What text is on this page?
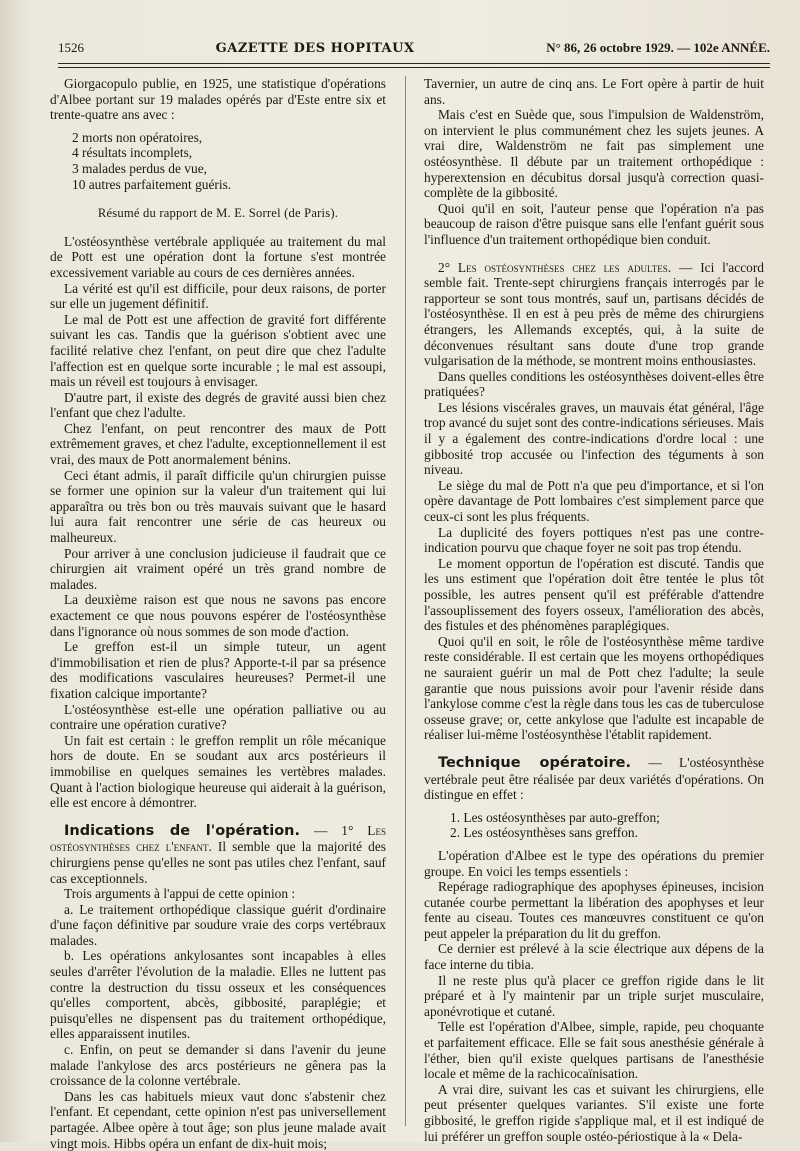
1526	GAZETTE DES HOPITAUX	N° 86, 26 octobre 1929. — 102e ANNÉE.

Giorgacopulo publie, en 1925, une statistique d'opérations d'Albee portant sur 19 malades opérés par d'Este entre six et trente-quatre ans avec :

2 morts non opératoires,

4 résultats incomplets,

3 malades perdus de vue,

10 autres parfaitement guéris.

Résumé du rapport de M. E. Sorrel (de Paris).

L'ostéosynthèse vertébrale appliquée au traitement du mal de Pott est une opération dont la fortune s'est montrée excessivement variable au cours de ces dernières années.

La vérité est qu'il est difficile, pour deux raisons, de porter sur elle un jugement définitif.

Le mal de Pott est une affection de gravité fort différente suivant les cas. Tandis que la guérison s'obtient avec une facilité relative chez l'enfant, on peut dire que chez l'adulte l'affection est en quelque sorte incurable ; le mal est assoupi, mais un réveil est toujours à envisager.

D'autre part, il existe des degrés de gravité aussi bien chez l'enfant que chez l'adulte.

Chez l'enfant, on peut rencontrer des maux de Pott extrêmement graves, et chez l'adulte, exceptionnellement il est vrai, des maux de Pott anormalement bénins.

Ceci étant admis, il paraît difficile qu'un chirurgien puisse se former une opinion sur la valeur d'un traitement qui lui apparaîtra ou très bon ou très mauvais suivant que le hasard lui aura fait rencontrer une série de cas heureux ou malheureux.

Pour arriver à une conclusion judicieuse il faudrait que ce chirurgien ait vraiment opéré un très grand nombre de malades.

La deuxième raison est que nous ne savons pas encore exactement ce que nous pouvons espérer de l'ostéosynthèse dans l'ignorance où nous sommes de son mode d'action.

Le greffon est-il un simple tuteur, un agent d'immobilisation et rien de plus? Apporte-t-il par sa présence des modifications vasculaires heureuses? Permet-il une fixation calcique importante?

L'ostéosynthèse est-elle une opération palliative ou au contraire une opération curative?

Un fait est certain : le greffon remplit un rôle mécanique hors de doute. En se soudant aux arcs postérieurs il immobilise en quelques semaines les vertèbres malades. Quant à l'action biologique heureuse qui aiderait à la guérison, elle est encore à démontrer.

Indications de l'opération. — 1° Les ostéosynthèses chez l'enfant. Il semble que la majorité des chirurgiens pense qu'elles ne sont pas utiles chez l'enfant, sauf cas exceptionnels.

Trois arguments à l'appui de cette opinion :

a. Le traitement orthopédique classique guérit d'ordinaire d'une façon définitive par soudure vraie des corps vertébraux malades.

b. Les opérations ankylosantes sont incapables à elles seules d'arrêter l'évolution de la maladie. Elles ne luttent pas contre la destruction du tissu osseux et les conséquences qu'elles comportent, abcès, gibbosité, paraplégie; et puisqu'elles ne dispensent pas du traitement orthopédique, elles apparaissent inutiles.

c. Enfin, on peut se demander si dans l'avenir du jeune malade l'ankylose des arcs postérieurs ne gênera pas la croissance de la colonne vertébrale.

Dans les cas habituels mieux vaut donc s'abstenir chez l'enfant. Et cependant, cette opinion n'est pas universellement partagée. Albee opère à tout âge; son plus jeune malade avait vingt mois. Hibbs opéra un enfant de dix-huit mois;

Tavernier, un autre de cinq ans. Le Fort opère à partir de huit ans.

Mais c'est en Suède que, sous l'impulsion de Waldenström, on intervient le plus communément chez les sujets jeunes. A vrai dire, Waldenström ne fait pas simplement une ostéosynthèse. Il débute par un traitement orthopédique : hyperextension en décubitus dorsal jusqu'à correction quasi-complète de la gibbosité.

Quoi qu'il en soit, l'auteur pense que l'opération n'a pas beaucoup de raison d'être puisque sans elle l'enfant guérit sous l'influence d'un traitement orthopédique bien conduit.

2° Les ostéosynthèses chez les adultes. — Ici l'accord semble fait. Trente-sept chirurgiens français interrogés par le rapporteur se sont tous montrés, sauf un, partisans décidés de l'ostéosynthèse. Il en est à peu près de même des chirurgiens étrangers, les Allemands exceptés, qui, à la suite de déconvenues résultant sans doute d'une trop grande vulgarisation de la méthode, se montrent moins enthousiastes.

Dans quelles conditions les ostéosynthèses doivent-elles être pratiquées?

Les lésions viscérales graves, un mauvais état général, l'âge trop avancé du sujet sont des contre-indications sérieuses. Mais il y a également des contre-indications d'ordre local : une gibbosité trop accusée ou l'infection des téguments à son niveau.

Le siège du mal de Pott n'a que peu d'importance, et si l'on opère davantage de Pott lombaires c'est simplement parce que ceux-ci sont les plus fréquents.

La duplicité des foyers pottiques n'est pas une contre-indication pourvu que chaque foyer ne soit pas trop étendu.

Le moment opportun de l'opération est discuté. Tandis que les uns estiment que l'opération doit être tentée le plus tôt possible, les autres pensent qu'il est préférable d'attendre l'assouplissement des foyers osseux, l'amélioration des abcès, des fistules et des phénomènes paraplégiques.

Quoi qu'il en soit, le rôle de l'ostéosynthèse même tardive reste considérable. Il est certain que les moyens orthopédiques ne sauraient guérir un mal de Pott chez l'adulte; la seule garantie que nous puissions avoir pour l'avenir réside dans l'ankylose comme c'est la règle dans tous les cas de tuberculose osseuse grave; or, cette ankylose que l'adulte est incapable de réaliser lui-même l'ostéosynthèse l'établit rapidement.

Technique opératoire. — L'ostéosynthèse vertébrale peut être réalisée par deux variétés d'opérations. On distingue en effet :

1. Les ostéosynthèses par auto-greffon;

2. Les ostéosynthèses sans greffon.

L'opération d'Albee est le type des opérations du premier groupe. En voici les temps essentiels :

Repérage radiographique des apophyses épineuses, incision cutanée courbe permettant la libération des apophyses et leur fente au ciseau. Toutes ces manœuvres constituent ce qu'on peut appeler la préparation du lit du greffon.

Ce dernier est prélevé à la scie électrique aux dépens de la face interne du tibia.

Il ne reste plus qu'à placer ce greffon rigide dans le lit préparé et à l'y maintenir par un triple surjet musculaire, aponévrotique et cutané.

Telle est l'opération d'Albee, simple, rapide, peu choquante et parfaitement efficace. Elle se fait sous anesthésie générale à l'éther, bien qu'il existe quelques partisans de l'anesthésie locale et même de la rachicocaïnisation.

A vrai dire, suivant les cas et suivant les chirurgiens, elle peut présenter quelques variantes. S'il existe une forte gibbosité, le greffon rigide s'applique mal, et il est indiqué de lui préférer un greffon souple ostéo-périostique à la « Dela-
